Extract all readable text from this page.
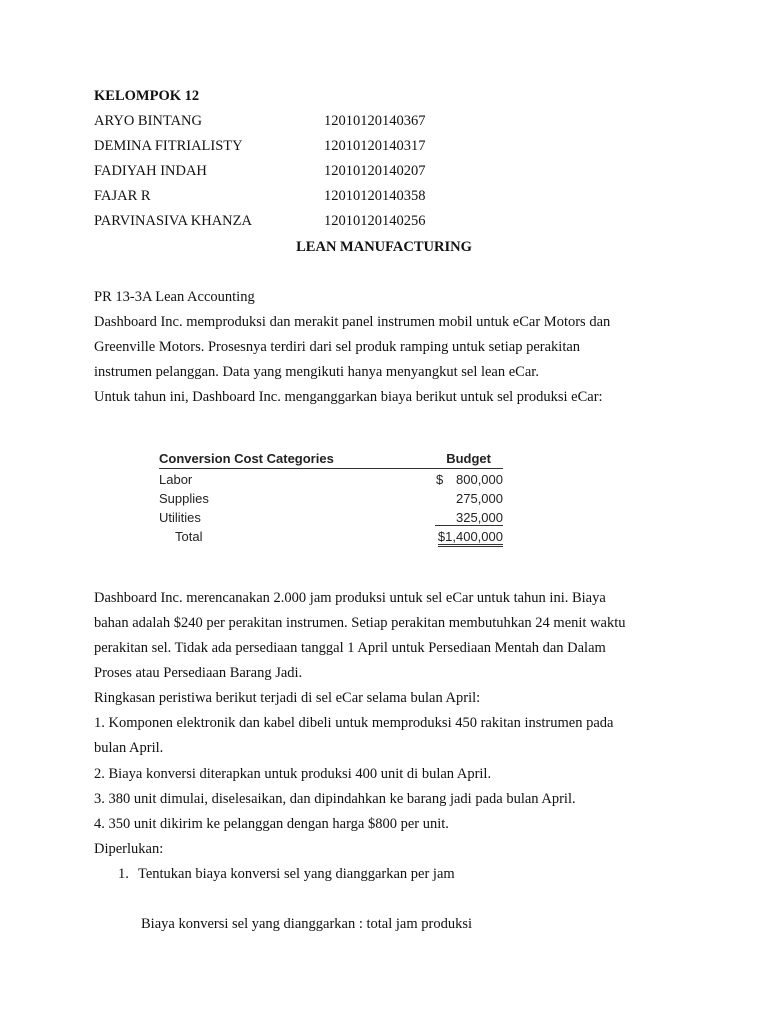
KELOMPOK 12
ARYO BINTANG	12010120140367
DEMINA FITRIALISTY	12010120140317
FADIYAH INDAH	12010120140207
FAJAR R	12010120140358
PARVINASIVA KHANZA	12010120140256
LEAN MANUFACTURING
PR 13-3A Lean Accounting
Dashboard Inc. memproduksi dan merakit panel instrumen mobil untuk eCar Motors dan
Greenville Motors. Prosesnya terdiri dari sel produk ramping untuk setiap perakitan
instrumen pelanggan. Data yang mengikuti hanya menyangkut sel lean eCar.
Untuk tahun ini, Dashboard Inc. menganggarkan biaya berikut untuk sel produksi eCar:
Conversion Cost Categories	Budget
Labor	$ 800,000
Supplies	275,000
Utilities	325,000
Total	$1,400,000
Dashboard Inc. merencanakan 2.000 jam produksi untuk sel eCar untuk tahun ini. Biaya
bahan adalah $240 per perakitan instrumen. Setiap perakitan membutuhkan 24 menit waktu
perakitan sel. Tidak ada persediaan tanggal 1 April untuk Persediaan Mentah dan Dalam
Proses atau Persediaan Barang Jadi.
Ringkasan peristiwa berikut terjadi di sel eCar selama bulan April:
1. Komponen elektronik dan kabel dibeli untuk memproduksi 450 rakitan instrumen pada
bulan April.
2. Biaya konversi diterapkan untuk produksi 400 unit di bulan April.
3. 380 unit dimulai, diselesaikan, dan dipindahkan ke barang jadi pada bulan April.
4. 350 unit dikirim ke pelanggan dengan harga $800 per unit.
Diperlukan:
1. Tentukan biaya konversi sel yang dianggarkan per jam
Biaya konversi sel yang dianggarkan : total jam produksi
